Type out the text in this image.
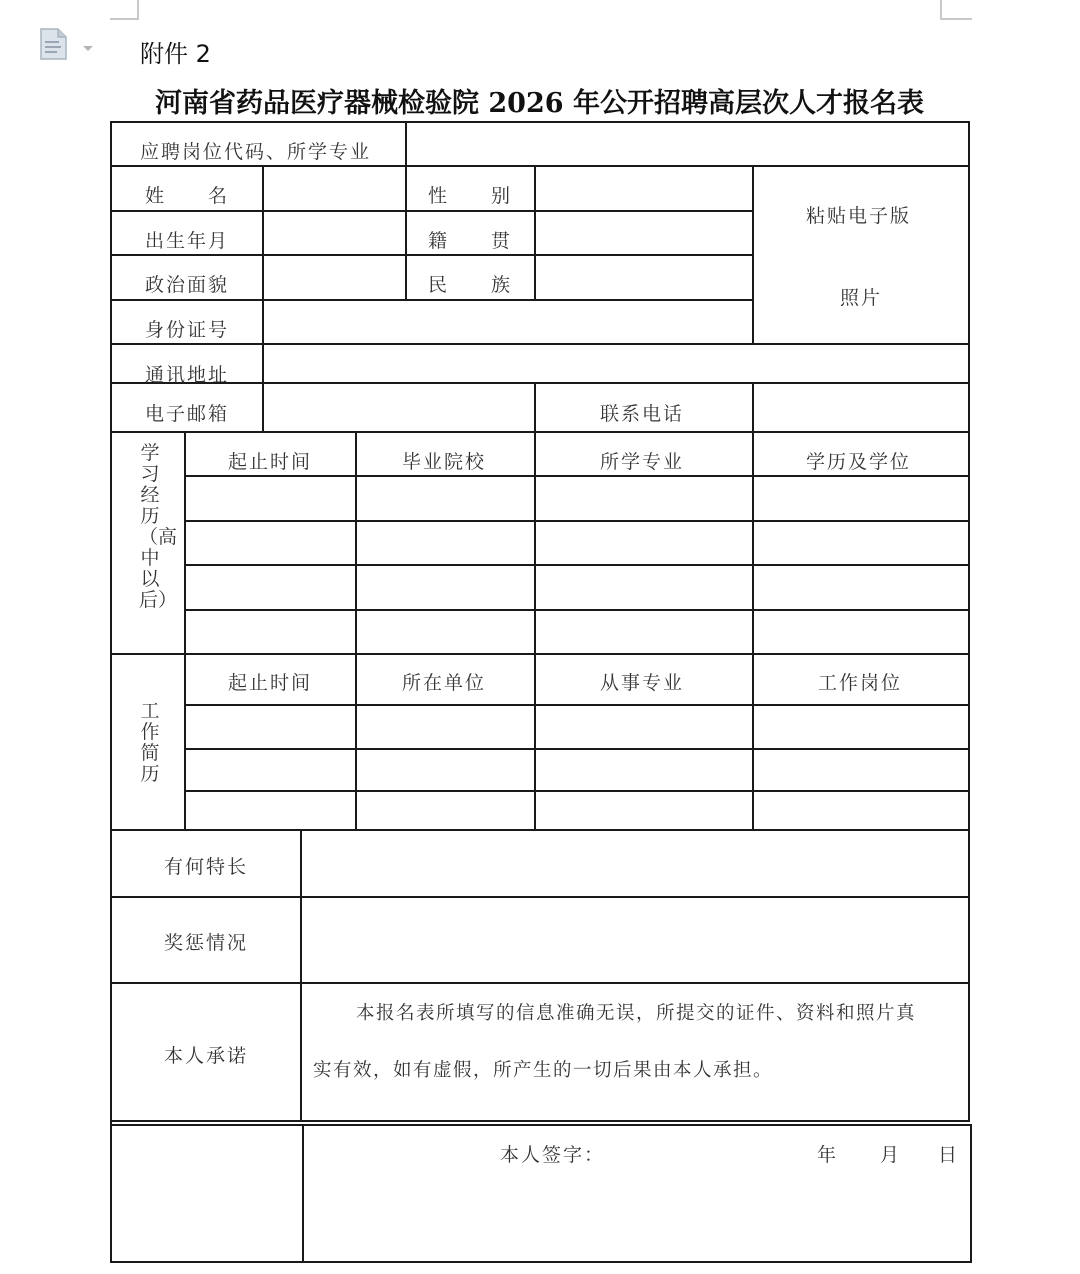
附件 2
河南省药品医疗器械检验院 2026 年公开招聘高层次人才报名表
应聘岗位代码、所学专业
姓　　名	性　　别
粘贴电子版
照片
出生年月	籍　　贯
政治面貌	民　　族
身份证号
通讯地址
电子邮箱	联系电话
学习经历（高中以后）
起止时间	毕业院校	所学专业	学历及学位
工作简历
起止时间	所在单位	从事专业	工作岗位
有何特长
奖惩情况
本人承诺
本报名表所填写的信息准确无误，所提交的证件、资料和照片真
实有效，如有虚假，所产生的一切后果由本人承担。
本人签字：	年 月 日
